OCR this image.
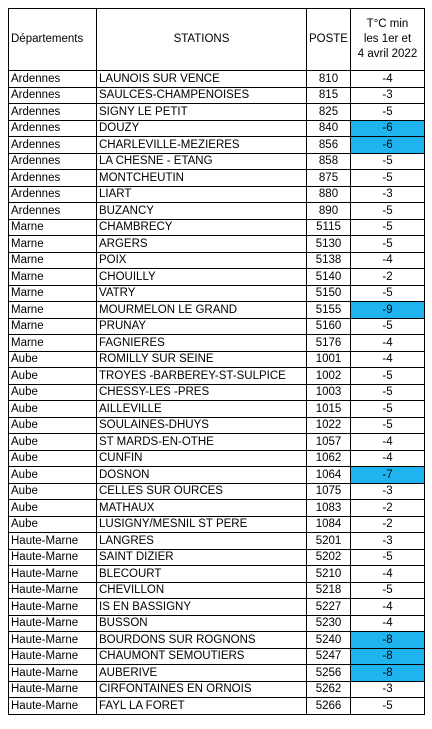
Départements	STATIONS	POSTE	T°C min
les 1er et
4 avril 2022
Ardennes	LAUNOIS SUR VENCE	810	-4
Ardennes	SAULCES-CHAMPENOISES	815	-3
Ardennes	SIGNY LE PETIT	825	-5
Ardennes	DOUZY	840	-6
Ardennes	CHARLEVILLE-MEZIERES	856	-6
Ardennes	LA CHESNE - ETANG	858	-5
Ardennes	MONTCHEUTIN	875	-5
Ardennes	LIART	880	-3
Ardennes	BUZANCY	890	-5
Marne	CHAMBRECY	5115	-5
Marne	ARGERS	5130	-5
Marne	POIX	5138	-4
Marne	CHOUILLY	5140	-2
Marne	VATRY	5150	-5
Marne	MOURMELON LE GRAND	5155	-9
Marne	PRUNAY	5160	-5
Marne	FAGNIERES	5176	-4
Aube	ROMILLY SUR SEINE	1001	-4
Aube	TROYES -BARBEREY-ST-SULPICE	1002	-5
Aube	CHESSY-LES -PRES	1003	-5
Aube	AILLEVILLE	1015	-5
Aube	SOULAINES-DHUYS	1022	-5
Aube	ST MARDS-EN-OTHE	1057	-4
Aube	CUNFIN	1062	-4
Aube	DOSNON	1064	-7
Aube	CELLES SUR OURCES	1075	-3
Aube	MATHAUX	1083	-2
Aube	LUSIGNY/MESNIL ST PERE	1084	-2
Haute-Marne	LANGRES	5201	-3
Haute-Marne	SAINT DIZIER	5202	-5
Haute-Marne	BLECOURT	5210	-4
Haute-Marne	CHEVILLON	5218	-5
Haute-Marne	IS EN BASSIGNY	5227	-4
Haute-Marne	BUSSON	5230	-4
Haute-Marne	BOURDONS SUR ROGNONS	5240	-8
Haute-Marne	CHAUMONT SEMOUTIERS	5247	-8
Haute-Marne	AUBERIVE	5256	-8
Haute-Marne	CIRFONTAINES EN ORNOIS	5262	-3
Haute-Marne	FAYL LA FORET	5266	-5
